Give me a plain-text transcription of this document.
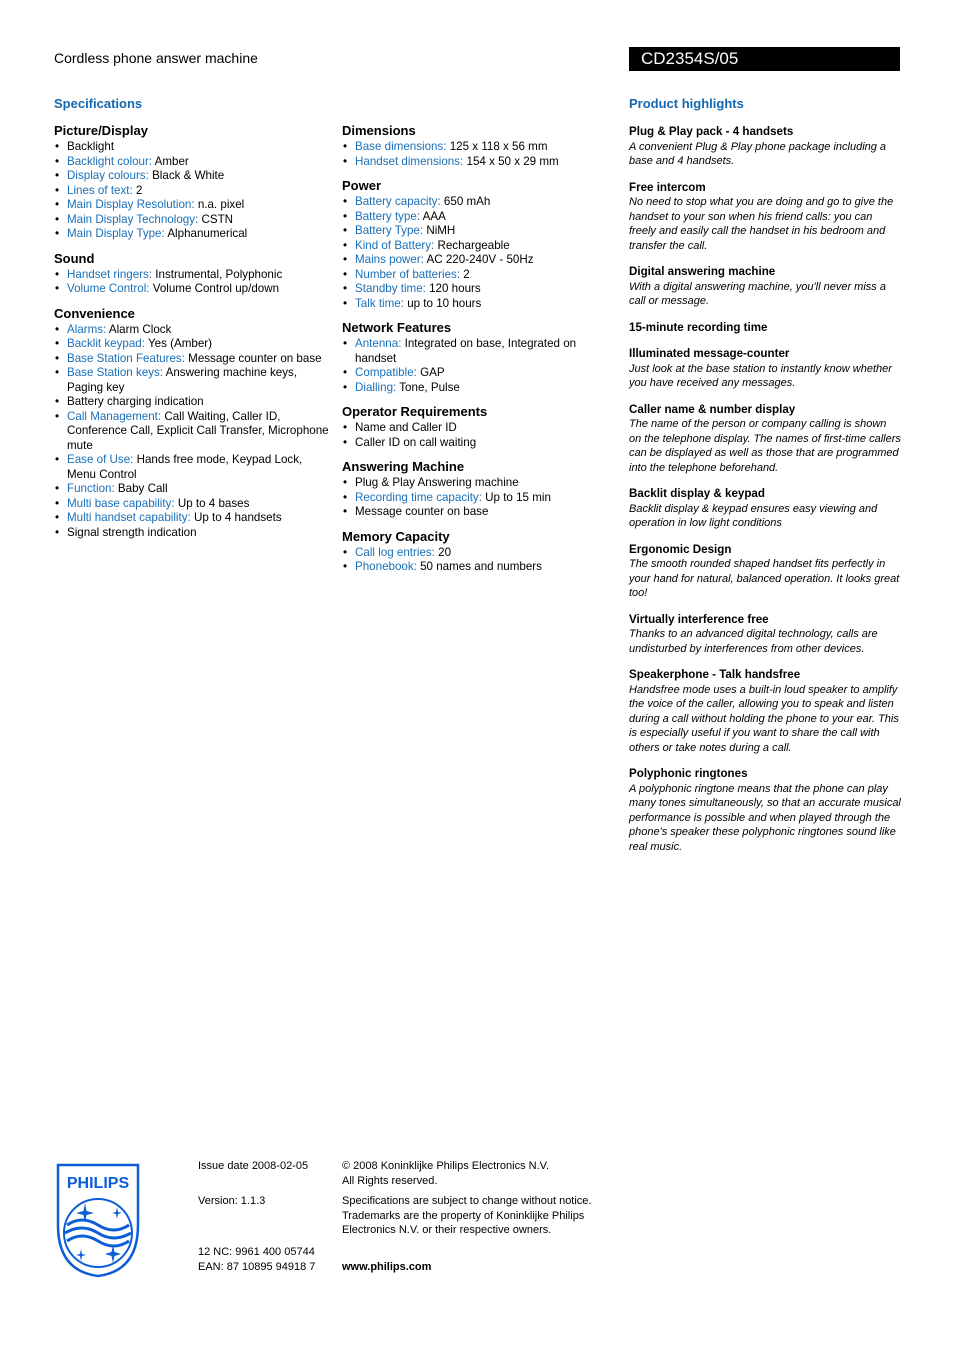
Cordless phone answer machine	CD2354S/05
Specifications	Product highlights
Picture/Display
• Backlight
• Backlight colour: Amber
• Display colours: Black & White
• Lines of text: 2
• Main Display Resolution: n.a. pixel
• Main Display Technology: CSTN
• Main Display Type: Alphanumerical
Sound
• Handset ringers: Instrumental, Polyphonic
• Volume Control: Volume Control up/down
Convenience
• Alarms: Alarm Clock
• Backlit keypad: Yes (Amber)
• Base Station Features: Message counter on base
• Base Station keys: Answering machine keys, Paging key
• Battery charging indication
• Call Management: Call Waiting, Caller ID, Conference Call, Explicit Call Transfer, Microphone mute
• Ease of Use: Hands free mode, Keypad Lock, Menu Control
• Function: Baby Call
• Multi base capability: Up to 4 bases
• Multi handset capability: Up to 4 handsets
• Signal strength indication
Dimensions
• Base dimensions: 125 x 118 x 56 mm
• Handset dimensions: 154 x 50 x 29 mm
Power
• Battery capacity: 650 mAh
• Battery type: AAA
• Battery Type: NiMH
• Kind of Battery: Rechargeable
• Mains power: AC 220-240V - 50Hz
• Number of batteries: 2
• Standby time: 120 hours
• Talk time: up to 10 hours
Network Features
• Antenna: Integrated on base, Integrated on handset
• Compatible: GAP
• Dialling: Tone, Pulse
Operator Requirements
• Name and Caller ID
• Caller ID on call waiting
Answering Machine
• Plug & Play Answering machine
• Recording time capacity: Up to 15 min
• Message counter on base
Memory Capacity
• Call log entries: 20
• Phonebook: 50 names and numbers
Plug & Play pack - 4 handsets
A convenient Plug & Play phone package including a base and 4 handsets.
Free intercom
No need to stop what you are doing and go to give the handset to your son when his friend calls: you can freely and easily call the handset in his bedroom and transfer the call.
Digital answering machine
With a digital answering machine, you'll never miss a call or message.
15-minute recording time
Illuminated message-counter
Just look at the base station to instantly know whether you have received any messages.
Caller name & number display
The name of the person or company calling is shown on the telephone display. The names of first-time callers can be displayed as well as those that are programmed into the telephone beforehand.
Backlit display & keypad
Backlit display & keypad ensures easy viewing and operation in low light conditions
Ergonomic Design
The smooth rounded shaped handset fits perfectly in your hand for natural, balanced operation. It looks great too!
Virtually interference free
Thanks to an advanced digital technology, calls are undisturbed by interferences from other devices.
Speakerphone - Talk handsfree
Handsfree mode uses a built-in loud speaker to amplify the voice of the caller, allowing you to speak and listen during a call without holding the phone to your ear. This is especially useful if you want to share the call with others or take notes during a call.
Polyphonic ringtones
A polyphonic ringtone means that the phone can play many tones simultaneously, so that an accurate musical performance is possible and when played through the phone's speaker these polyphonic ringtones sound like real music.
PHILIPS
Issue date 2008-02-05
Version: 1.1.3
12 NC: 9961 400 05744
EAN: 87 10895 94918 7
© 2008 Koninklijke Philips Electronics N.V.
All Rights reserved.
Specifications are subject to change without notice.
Trademarks are the property of Koninklijke Philips
Electronics N.V. or their respective owners.
www.philips.com
